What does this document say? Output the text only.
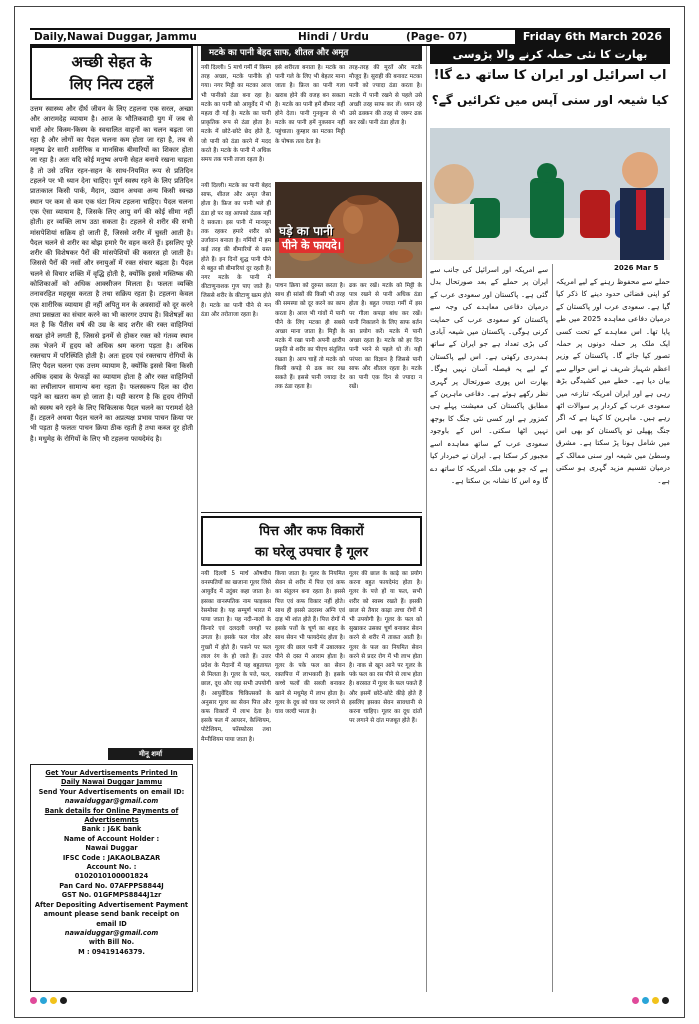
Daily,Nawai Duggar, Jammu	Hindi / Urdu	(Page- 07)	Friday 6th March 2026
अच्छी सेहत के
लिए नित्य टहलें

उत्तम स्वास्थ्य और दीर्घ जीवन के लिए टहलना एक सरल, अच्छा और आरामदेह व्यायाम है। आज के भौतिकवादी युग में जब से चारों ओर किस्म-किस्म के स्वचालित वाहनों का चलन बढ़ता जा रहा है और लोगों का पैदल चलना कम होता जा रहा है, तब से मनुष्य ढेर सारी शारीरिक व मानसिक बीमारियों का शिकार होता जा रहा है। अतः यदि कोई मनुष्य अपनी सेहत बनाये रखना चाहता है तो उसे उचित रहन-सहन के साथ-नियमित रूप से प्रतिदिन टहलने पर भी ध्यान देना चाहिए। पूर्ण स्वस्थ रहने के लिए प्रतिदिन प्रातःकाल किसी पार्क, मैदान, उद्यान अथवा अन्य किसी स्वच्छ स्थान पर कम से कम एक घंटा नित्य टहलना चाहिए। पैदल चलना एक ऐसा व्यायाम है, जिसके लिए आयु वर्ग की कोई सीमा नहीं होती। हर व्यक्ति लाभ उठा सकता है। टहलने से शरीर की सभी मांसपेशियां सक्रिय हो जाती हैं, जिससे शरीर में चुस्ती आती है। पैदल चलने से शरीर का बोझ हमारे पैर वहन करते हैं। इसलिए पूरे शरीर की विशेषकर पैरों की मांसपेशियों की कसरत हो जाती है। जिससे पैरों की नसों और स्नायुओं में रक्त संचार बढ़ता है। पैदल चलने से विचार शक्ति में वृद्धि होती है, क्योंकि इससे मस्तिष्क की कोशिकाओं को अधिक आक्सीजन मिलता है। फलतः व्यक्ति तनावरहित महसूस करता है तथा सक्रिय रहता है। टहलना केवल एक शारीरिक व्यायाम ही नहीं अपितु मन के अवसादों को दूर करने तथा प्रसन्नता का संचार करने का भी कारगर उपाय है। विशेषज्ञों का मत है कि पैंतीस वर्ष की उम्र के बाद शरीर की रक्त वाहिनियां सख्त होने लगती हैं, जिससे इनमें से होकर रक्त को गंतव्य स्थान तक भेजने में हृदय को अधिक श्रम करना पड़ता है। अधिक रक्तचाप में परिस्थिति होती है। अतः हृदय एवं रक्तचाप रोगियों के लिए पैदल चलना एक उत्तम व्यायाम है, क्योंकि इससे बिना किसी अधिक दबाव के फेफड़ों का व्यायाम होता है और रक्त वाहिनियों का लचीलापन सामान्य बना रहता है। फलस्वरूप दिल का दौरा पड़ने का खतरा कम हो जाता है। यही कारण है कि हृदय रोगियों को स्वस्थ बने रहने के लिए चिकित्सक पैदल चलने का परामर्श देते हैं। टहलने अथवा पैदल चलने का अप्रत्यक्ष प्रभाव पाचन क्रिया पर भी पड़ता है फलतः पाचन क्रिया ठीक रहती है तथा कब्ज दूर होती है। मधुमेह के रोगियों के लिए भी टहलना फायदेमंद है।

मीनू शर्मा

Get Your Advertisements Printed In

Daily Nawai Duggar Jammu

Send Your Advertisements on email ID:

nawaiduggar@gmail.com

Bank details for Online Payments of Advertisemnts

Bank : J&K bank

Name of Account Holder :

Nawai Duggar

IFSC Code : JAKAOLBAZAR

Account No. :

0102010100001824

Pan Card No. 07AFPPS8844J

GST No. 01GFMPS8844J1zr

After Depositing Advertisement Payment amount please send bank receipt on email ID

nawaiduggar@gmail.com

with Bill No.

M : 09419146379.

मटके का पानी बेहद साफ, शीतल और अमृत

नयी दिल्ली। 5 मार्च गर्मी में किस्म तरह अच्छा, मटके पानीके हो गया। नगर मिट्टी का मटका आज भी पानीको ठंडा बना रहा है। मटके का पानी को आयुर्वेद में भी महत्व दी गई है। मटके का पानी प्राकृतिक रूप से ठंडा होता है। मटके में छोटे-छोटे छेद होते हैं, जो पानी को ठंडा करने में मदद करते हैं। मटके के पानी में अधिक समय तक पानी ताजा रहता है।

इसे शरीरता बनाता है। मटके का पानी गले के लिए भी बेहतर माना जाता है। फ्रिज का पानी गला खराब होने की वजह बन सकता है। मटके का पानी हमें बीमार नहीं होने देता। पानी गुनकुना से भी मटके का पानी हमें नुकसान नहीं पहुंचाता। कुम्हार का मटका मिट्टी के पोषक तत्व देता है।

तरह-तरह की मूरतें और मटके मौजूद हैं। सुराही की बनावट मटका पानी को ज्यादा ठंडा करता है। मटके में पानी रखने से पहले उसे अच्छी तरह साफ कर लें। ध्यान रहे उसे ढक्कन की तरह से जरूर ढक कर रखें। पानी ठंडा होता है।

घड़े का पानी
पीने के फायदे।

नयी दिल्ली। मटके का पानी बेहद साफ, शीतल और अमृत जैसा होता है। फ्रिज का पानी भले ही ठंडा हो पर वह आपको ठंडक नहीं दे सकता। इस पानी में मानसून तक रहकर हमारे शरीर को उर्जावान बनाता है। गर्मियों में हम कई तरह की बीमारियों से ग्रस्त होते हैं। इन दिनों शुद्ध पानी पीने से बहुत सी बीमारियां दूर रहती हैं। नगर मटके के पानी में कीटाणुनाशक गुण पाए जाते हैं। जिससे शरीर के कीटाणु खत्म होते हैं। मटके का पानी पीने से मन ठंडा और तरोताजा रहता है।

पाचन क्रिया को दुरुस्त करता है। साथ ही सांसों की किसी भी तरह की समस्या को दूर करने का काम करता है। आज भी गांवों में पानी पीने के लिए मटका ही सबसे अच्छा माना जाता है। मिट्टी के मटके में रखा पानी अपनी क्षारीय प्रकृति से शरीर का पीएच संतुलित रखता है। आप चाहें तो मटके को किसी कपड़े से ढक कर रख सकते हैं। इससे पानी ज्यादा देर तक ठंडा रहता है।

ढक कर रखें। मटके को मिट्टी के पात्र रखने से पानी अधिक ठंडा होता है। बहुत ज्यादा गर्मी में इस पर गीला कपड़ा बांध कर रखें। पानी निकालने के लिए साफ बर्तन का प्रयोग करें। मटके में पानी अच्छा रहता है। मटके को हर दिन पानी भरने से पहले धो लें। यही परंपरा का विज्ञान है जिससे पानी साफ और शीतल रहता है। मटके का पानी एक दिन से ज्यादा न रखें।

पित्त और कफ विकारों
का घरेलू उपचार है गूलर

नयी दिल्ली 5 मार्च औषधीय वनस्पतियों का खजाना गूलर जिसे आयुर्वेद में उदुंबर कहा जाता है। इसका वानस्पतिक नाम फाइकस रेसमोसा है। यह सम्पूर्ण भारत में पाया जाता है। यह नदी-नालों के किनारे एवं दलदली जगहों पर उगता है। इसके फल गोल और गुच्छों में होते हैं। पकने पर फल लाल रंग के हो जाते हैं। उत्तर प्रदेश के मैदानों में यह बहुतायत से मिलता है। गूलर के पत्ते, फल, छाल, दूध और जड़ सभी उपयोगी हैं। आयुर्वेदिक चिकित्सकों के अनुसार गूलर का सेवन पित्त और कफ विकारों में लाभ देता है। इसके फल में आयरन, कैल्शियम, पोटेशियम, फॉस्फोरस तथा मैग्नीशियम पाया जाता है।

किया जाता है। गूलर के नियमित सेवन से शरीर में पित्त एवं कफ का संतुलन बना रहता है। इससे पित्त एवं कफ विकार नहीं होते। साथ ही इससे उदरस्थ अग्नि एवं दाह भी शांत होते हैं। पित्त रोगों में इसके पत्तों के चूर्ण का शहद के साथ सेवन भी फायदेमंद होता है। गूलर की छाल पानी में उबालकर पीने से दस्त में आराम होता है। गूलर के पके फल का सेवन रक्तपित्त में लाभकारी है। इसके कच्चे फलों की सब्जी बनाकर खाने से मधुमेह में लाभ होता है। गूलर के दूध को घाव पर लगाने से घाव जल्दी भरता है।

गूलर की छाल के काढ़े का प्रयोग करना बहुत फायदेमंद होता है। गूलर के पत्ते हों या फल, सभी शरीर को स्वस्थ रखते हैं। इसकी छाल से तैयार काढ़ा त्वचा रोगों में भी उपयोगी है। गूलर के फल को सुखाकर उसका चूर्ण बनाकर सेवन करने से शरीर में ताकत आती है। गूलर के फल का नियमित सेवन करने से प्रदर रोग में भी लाभ होता है। नाक से खून आने पर गूलर के पके फल का रस पीने से लाभ होता है। बरसात में गूलर के फल पकते हैं और इसमें छोटे-छोटे कीड़े होते हैं इसलिए इसका सेवन सावधानी से करना चाहिए। गूलर का दूध दांतों पर लगाने से दांत मजबूत होते हैं।

بھارت کا نئی حملہ کرنے والا پڑوسی
اب اسرائیل اور ایران کا ساتھ دے گا!
کیا شیعہ اور سنی آپس میں ٹکرائیں گے؟
2026 Mar 5

حملے سے محفوظ رہنے کے لیے امریکہ کو اپنی فضائی حدود دینے کا ذکر کیا گیا ہے۔ سعودی عرب اور پاکستان کے درمیان دفاعی معاہدہ 2025 میں طے پایا تھا۔ اس معاہدے کے تحت کسی ایک ملک پر حملہ دونوں پر حملہ تصور کیا جائے گا۔ پاکستان کے وزیر اعظم شہباز شریف نے اس حوالے سے بیان دیا ہے۔ خطے میں کشیدگی بڑھ رہی ہے اور ایران امریکہ تنازعہ میں سعودی عرب کے کردار پر سوالات اٹھ رہے ہیں۔ ماہرین کا کہنا ہے کہ اگر جنگ پھیلی تو پاکستان کو بھی اس میں شامل ہونا پڑ سکتا ہے۔ مشرق وسطیٰ میں شیعہ اور سنی ممالک کے درمیان تقسیم مزید گہری ہو سکتی ہے۔

سے امریکہ اور اسرائیل کی جانب سے ایران پر حملے کے بعد صورتحال بدل گئی ہے۔ پاکستان اور سعودی عرب کے درمیان دفاعی معاہدے کی وجہ سے پاکستان کو سعودی عرب کی حمایت کرنی ہوگی۔ پاکستان میں شیعہ آبادی کی بڑی تعداد ہے جو ایران کے ساتھ ہمدردی رکھتی ہے۔ اس لیے پاکستان کے لیے یہ فیصلہ آسان نہیں ہوگا۔ بھارت اس پوری صورتحال پر گہری نظر رکھے ہوئے ہے۔ دفاعی ماہرین کے مطابق پاکستان کی معیشت پہلے ہی کمزور ہے اور کسی نئی جنگ کا بوجھ نہیں اٹھا سکتی۔ اس کے باوجود سعودی عرب کے ساتھ معاہدہ اسے مجبور کر سکتا ہے۔ ایران نے خبردار کیا ہے کہ جو بھی ملک امریکہ کا ساتھ دے گا وہ اس کا نشانہ بن سکتا ہے۔
